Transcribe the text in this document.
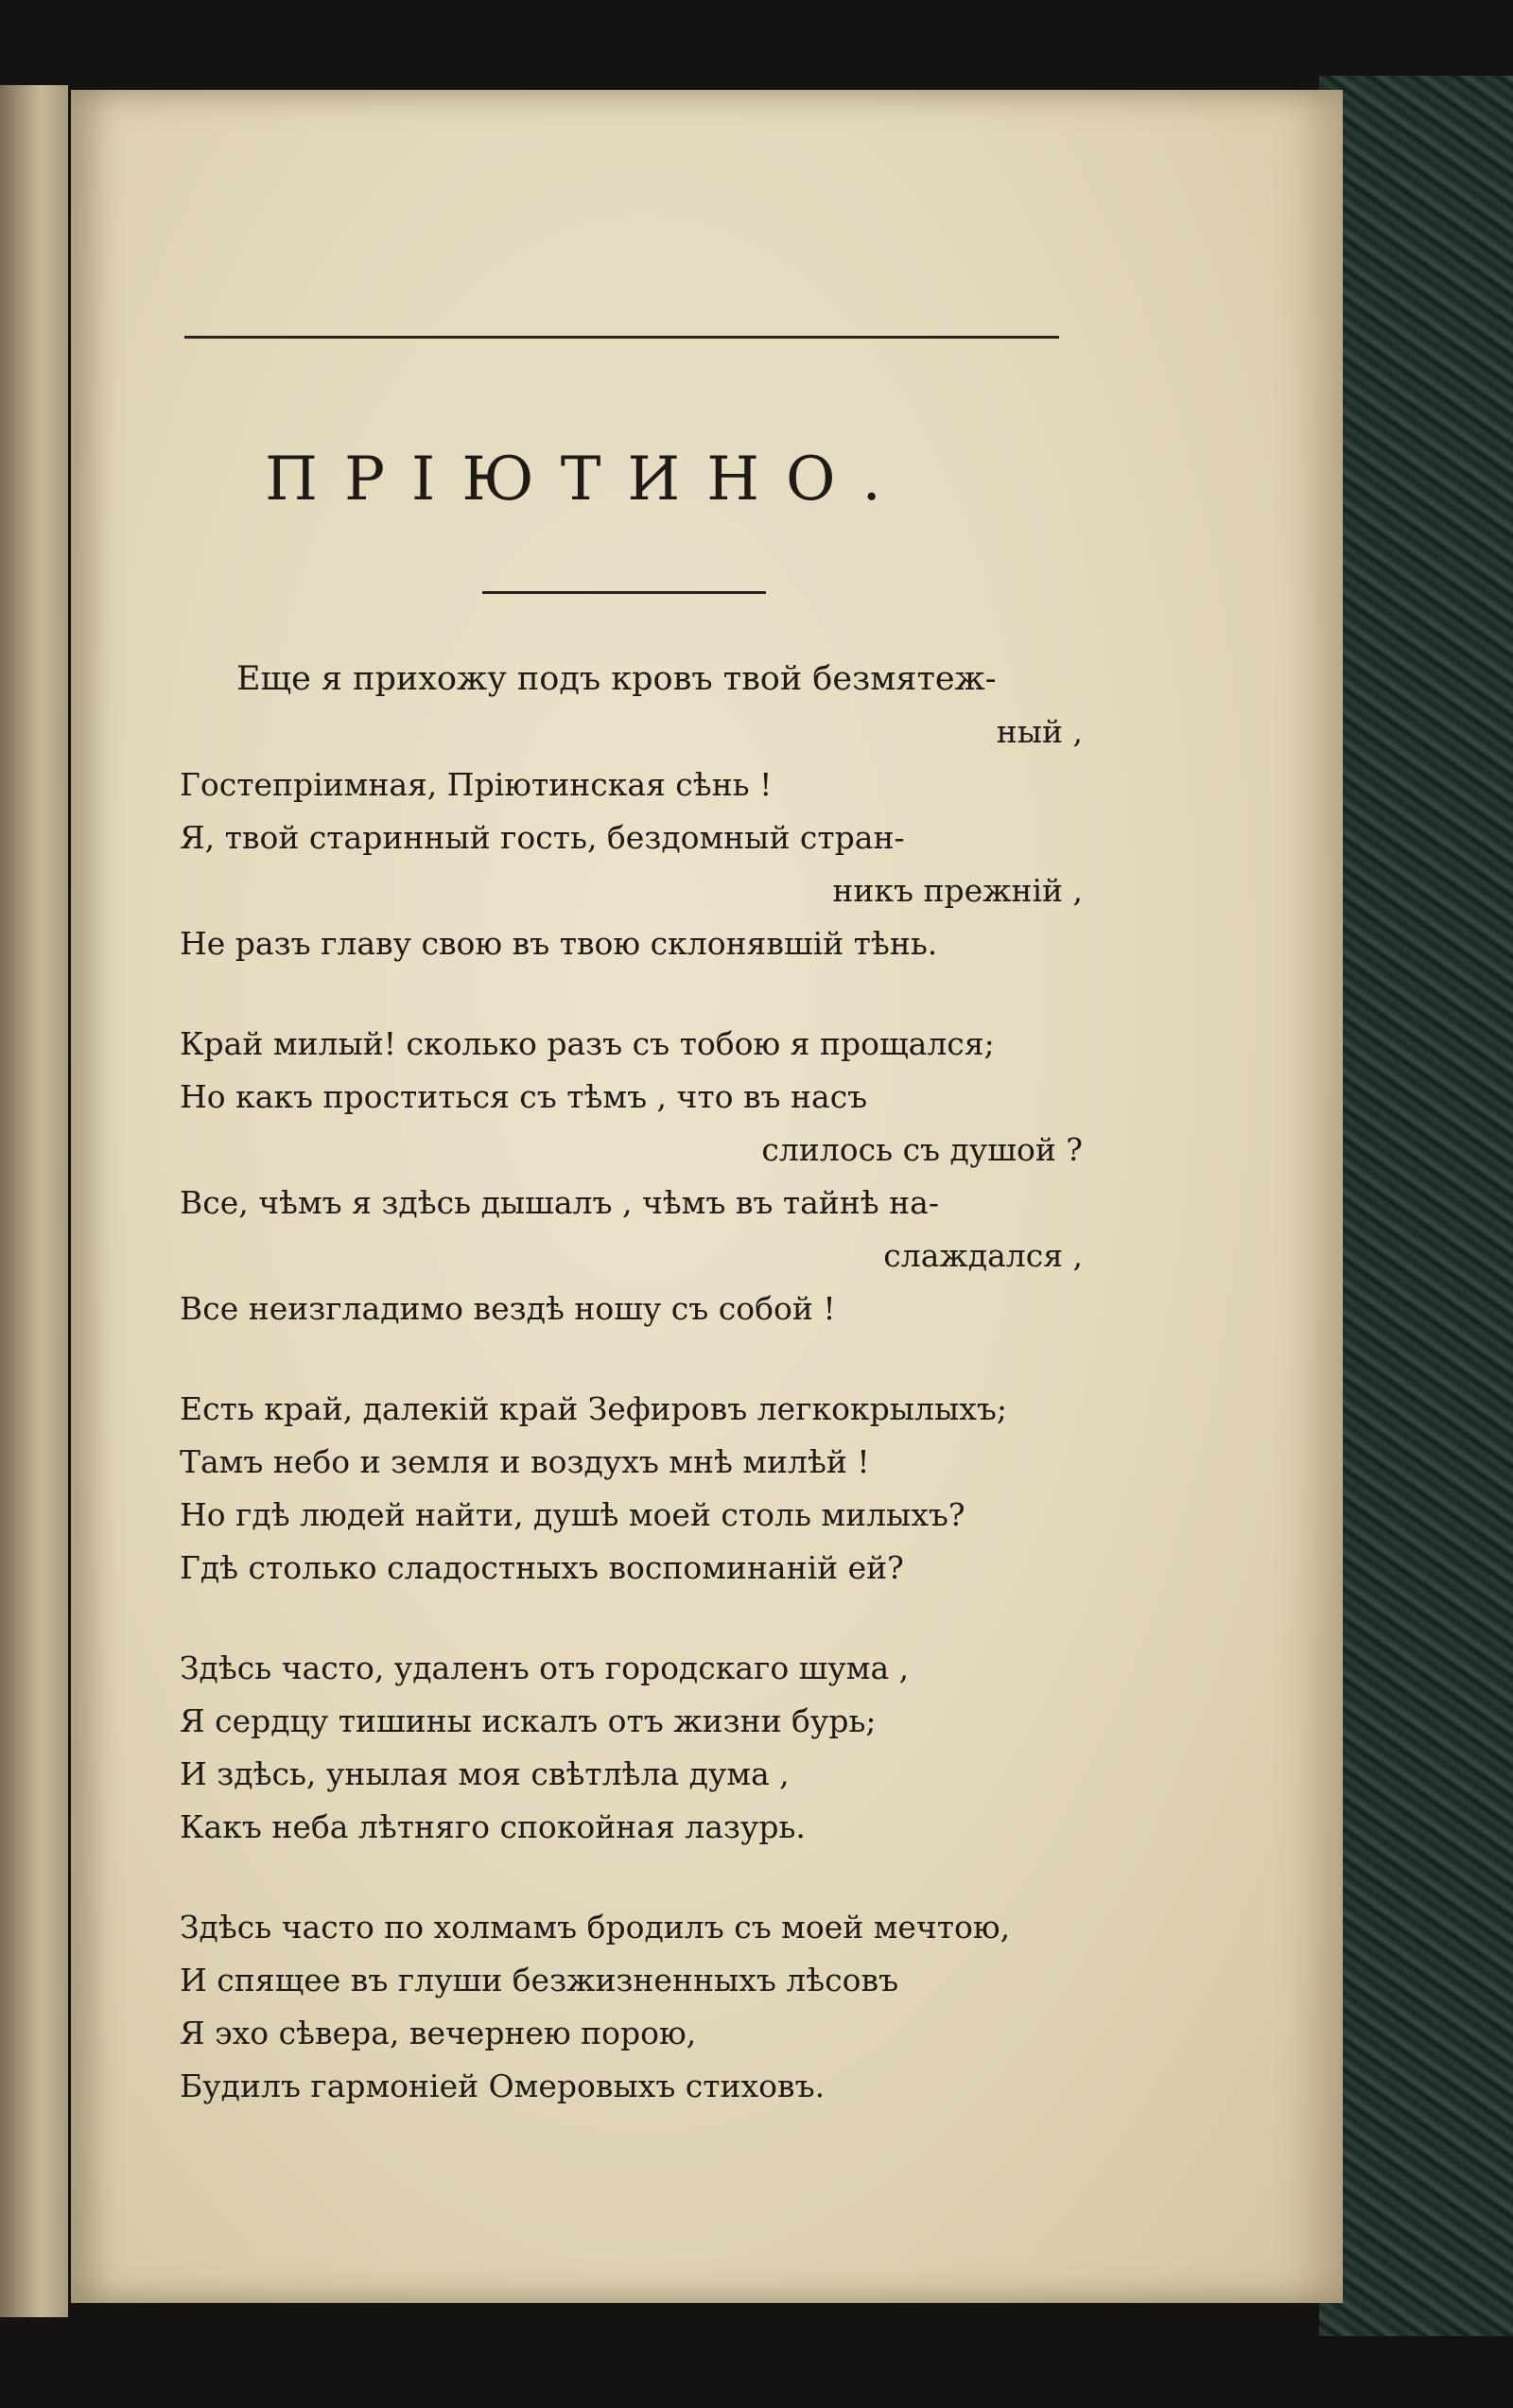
ПРІЮТИНО.
Еще я прихожу подъ кровъ твой безмятеж-
ный ,
Гостепріимная, Пріютинская сѣнь !
Я, твой старинный гость, бездомный стран-
никъ прежній ,
Не разъ главу свою въ твою склонявшій тѣнь.
Край милый! сколько разъ съ тобою я прощался;
Но какъ проститься съ тѣмъ , что въ насъ
слилось съ душой ?
Все, чѣмъ я здѣсь дышалъ , чѣмъ въ тайнѣ на-
слаждался ,
Все неизгладимо вездѣ ношу съ собой !
Есть край, далекій край Зефировъ легкокрылыхъ;
Тамъ небо и земля и воздухъ мнѣ милѣй !
Но гдѣ людей найти, душѣ моей столь милыхъ?
Гдѣ столько сладостныхъ воспоминаній ей?
Здѣсь часто, удаленъ отъ городскаго шума ,
Я сердцу тишины искалъ отъ жизни бурь;
И здѣсь, унылая моя свѣтлѣла дума ,
Какъ неба лѣтняго спокойная лазурь.
Здѣсь часто по холмамъ бродилъ съ моей мечтою,
И спящее въ глуши безжизненныхъ лѣсовъ
Я эхо сѣвера, вечернею порою,
Будилъ гармоніей Омеровыхъ стиховъ.
